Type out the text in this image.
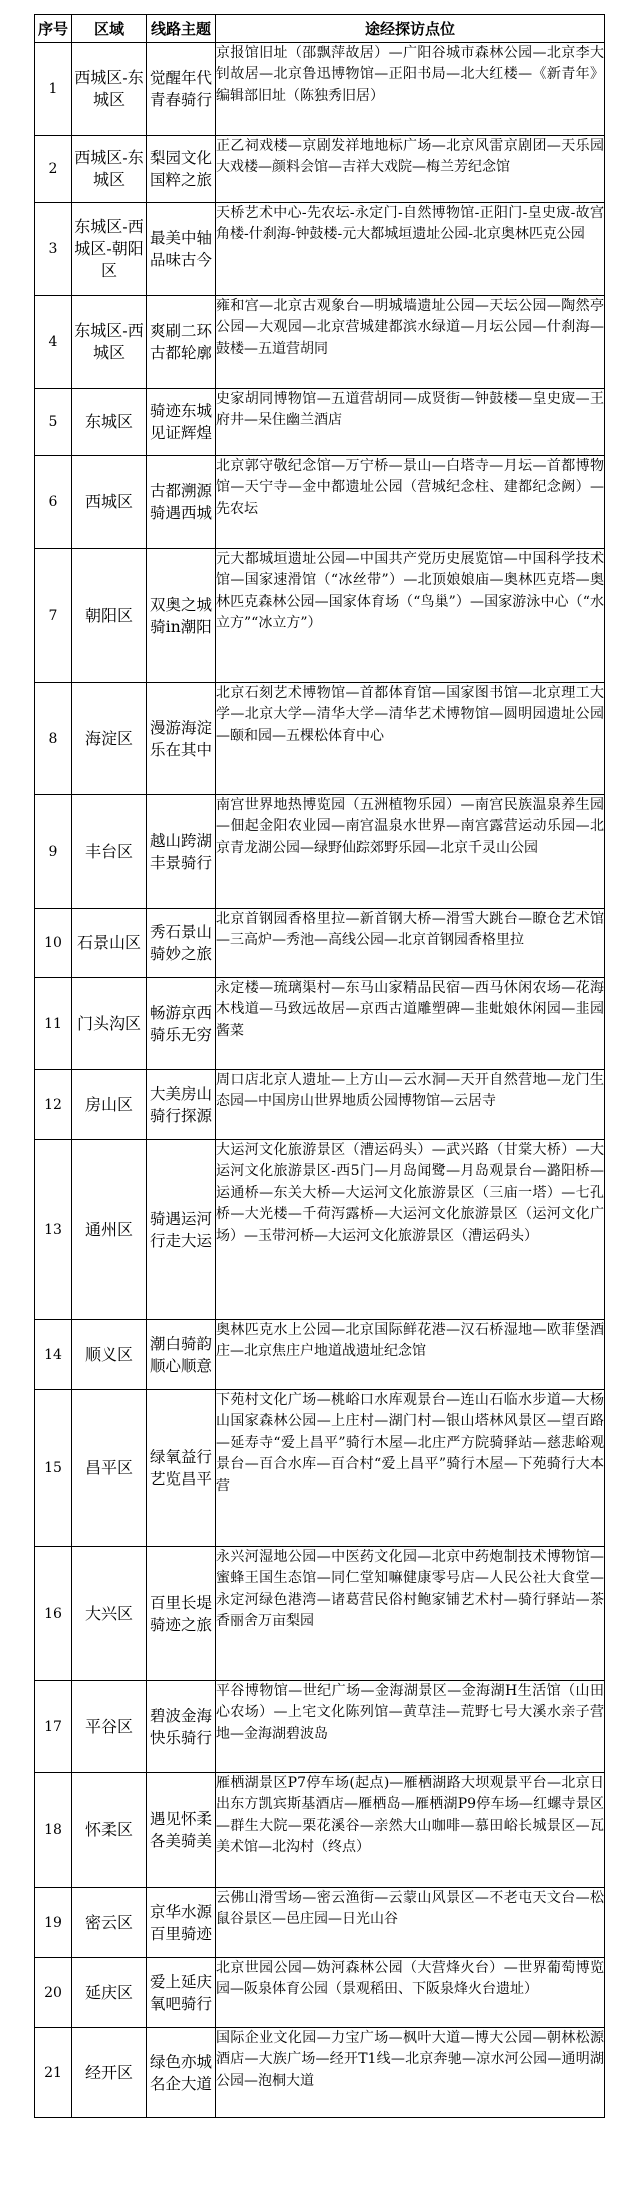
序号	区域	线路主题	途经探访点位
1	西城区-东城区	觉醒年代青春骑行	京报馆旧址（邵飘萍故居）—广阳谷城市森林公园—北京李大钊故居—北京鲁迅博物馆—正阳书局—北大红楼—《新青年》编辑部旧址（陈独秀旧居）
2	西城区-东城区	梨园文化国粹之旅	正乙祠戏楼—京剧发祥地地标广场—北京风雷京剧团—天乐园大戏楼—颜料会馆—吉祥大戏院—梅兰芳纪念馆
3	东城区-西城区-朝阳区	最美中轴品味古今	天桥艺术中心-先农坛-永定门-自然博物馆-正阳门-皇史宬-故宫角楼-什刹海-钟鼓楼-元大都城垣遗址公园-北京奥林匹克公园
4	东城区-西城区	爽刷二环古都轮廓	雍和宫—北京古观象台—明城墙遗址公园—天坛公园—陶然亭公园—大观园—北京营城建都滨水绿道—月坛公园—什刹海—鼓楼—五道营胡同
5	东城区	骑迹东城见证辉煌	史家胡同博物馆—五道营胡同—成贤街—钟鼓楼—皇史宬—王府井—呆住幽兰酒店
6	西城区	古都溯源骑遇西城	北京郭守敬纪念馆—万宁桥—景山—白塔寺—月坛—首都博物馆—天宁寺—金中都遗址公园（营城纪念柱、建都纪念阙）—先农坛
7	朝阳区	双奥之城骑in潮阳	元大都城垣遗址公园—中国共产党历史展览馆—中国科学技术馆—国家速滑馆（“冰丝带”）—北顶娘娘庙—奥林匹克塔—奥林匹克森林公园—国家体育场（“鸟巢”）—国家游泳中心（“水立方”“冰立方”）
8	海淀区	漫游海淀乐在其中	北京石刻艺术博物馆—首都体育馆—国家图书馆—北京理工大学—北京大学—清华大学—清华艺术博物馆—圆明园遗址公园—颐和园—五棵松体育中心
9	丰台区	越山跨湖丰景骑行	南宫世界地热博览园（五洲植物乐园）—南宫民族温泉养生园—佃起金阳农业园—南宫温泉水世界—南宫露营运动乐园—北京青龙湖公园—绿野仙踪郊野乐园—北京千灵山公园
10	石景山区	秀石景山骑妙之旅	北京首钢园香格里拉—新首钢大桥—滑雪大跳台—瞭仓艺术馆—三高炉—秀池—高线公园—北京首钢园香格里拉
11	门头沟区	畅游京西骑乐无穷	永定楼—琉璃渠村—东马山家精品民宿—西马休闲农场—花海木栈道—马致远故居—京西古道雕塑碑—韭蚍娘休闲园—韭园酱菜
12	房山区	大美房山骑行探源	周口店北京人遗址—上方山—云水洞—天开自然营地—龙门生态园—中国房山世界地质公园博物馆—云居寺
13	通州区	骑遇运河行走大运	大运河文化旅游景区（漕运码头）—武兴路（甘棠大桥）—大运河文化旅游景区-西5门—月岛闻鹭—月岛观景台—潞阳桥—运通桥—东关大桥—大运河文化旅游景区（三庙一塔）—七孔桥—大光楼—千荷泻露桥—大运河文化旅游景区（运河文化广场）—玉带河桥—大运河文化旅游景区（漕运码头）
14	顺义区	潮白骑韵顺心顺意	奥林匹克水上公园—北京国际鲜花港—汉石桥湿地—欧菲堡酒庄—北京焦庄户地道战遗址纪念馆
15	昌平区	绿氧益行艺览昌平	下苑村文化广场—桃峪口水库观景台—连山石临水步道—大杨山国家森林公园—上庄村—湖门村—银山塔林风景区—望百路—延寿寺“爱上昌平”骑行木屋—北庄严方院骑驿站—慈悲峪观景台—百合水库—百合村“爱上昌平”骑行木屋—下苑骑行大本营
16	大兴区	百里长堤骑迹之旅	永兴河湿地公园—中医药文化园—北京中药炮制技术博物馆—蜜蜂王国生态馆—同仁堂知嘛健康零号店—人民公社大食堂—永定河绿色港湾—诸葛营民俗村鲍家铺艺术村—骑行驿站—茶香丽舍万亩梨园
17	平谷区	碧波金海快乐骑行	平谷博物馆—世纪广场—金海湖景区—金海湖H生活馆（山田心农场）—上宅文化陈列馆—黄草洼—荒野七号大溪水亲子营地—金海湖碧波岛
18	怀柔区	遇见怀柔各美骑美	雁栖湖景区P7停车场(起点)—雁栖湖路大坝观景平台—北京日出东方凯宾斯基酒店—雁栖岛—雁栖湖P9停车场—红螺寺景区—群生大院—栗花溪谷—亲然大山咖啡—慕田峪长城景区—瓦美术馆—北沟村（终点）
19	密云区	京华水源百里骑迹	云佛山滑雪场—密云渔街—云蒙山风景区—不老屯天文台—松鼠谷景区—邑庄园—日光山谷
20	延庆区	爱上延庆氧吧骑行	北京世园公园—妫河森林公园（大营烽火台）—世界葡萄博览园—阪泉体育公园（景观稻田、下阪泉烽火台遗址）
21	经开区	绿色亦城名企大道	国际企业文化园—力宝广场—枫叶大道—博大公园—朝林松源酒店—大族广场—经开T1线—北京奔驰—凉水河公园—通明湖公园—泡桐大道
